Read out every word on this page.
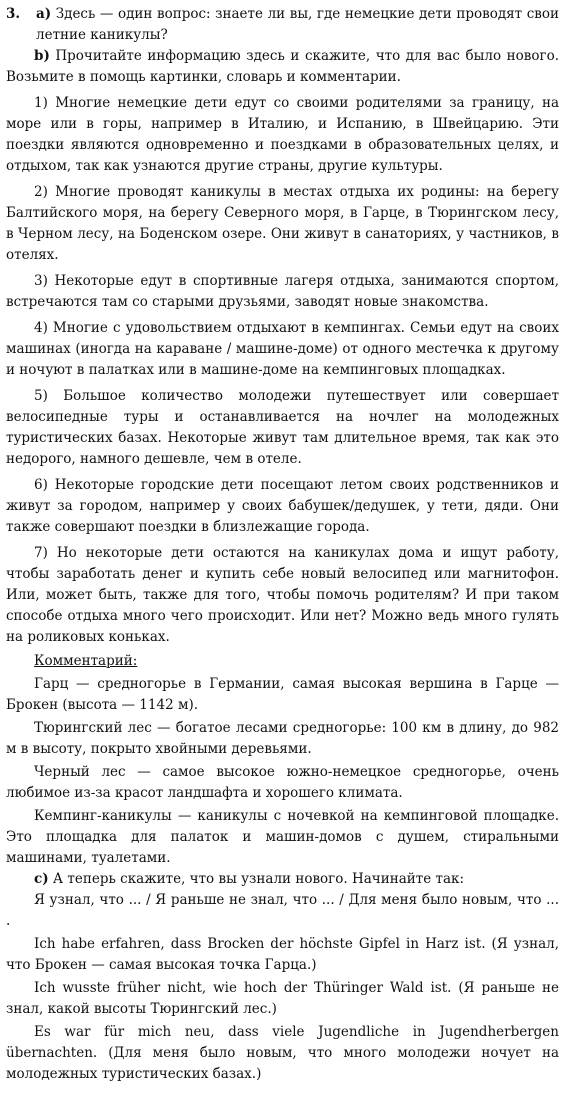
3.	a) Здесь — один вопрос: знаете ли вы, где немецкие дети проводят свои летние каникулы?

b) Прочитайте информацию здесь и скажите, что для вас было нового. Возьмите в помощь картинки, словарь и комментарии.

1) Многие немецкие дети едут со своими родителями за границу, на море или в горы, например в Италию, и Испанию, в Швейцарию. Эти поездки являются одновременно и поездками в образовательных целях, и отдыхом, так как узнаются другие страны, другие культуры.

2) Многие проводят каникулы в местах отдыха их родины: на берегу Балтийского моря, на берегу Северного моря, в Гарце, в Тюрингском лесу, в Черном лесу, на Боденском озере. Они живут в санаториях, у частников, в отелях.

3) Некоторые едут в спортивные лагеря отдыха, занимаются спортом, встречаются там со старыми друзьями, заводят новые знакомства.

4) Многие с удовольствием отдыхают в кемпингах. Семьи едут на своих машинах (иногда на караване / машине-доме) от одного местечка к другому и ночуют в палатках или в машине-доме на кемпинговых площадках.

5) Большое количество молодежи путешествует или совершает велосипедные туры и останавливается на ночлег на молодежных туристических базах. Некоторые живут там длительное время, так как это недорого, намного дешевле, чем в отеле.

6) Некоторые городские дети посещают летом своих родственников и живут за городом, например у своих бабушек/дедушек, у тети, дяди. Они также совершают поездки в близлежащие города.

7) Но некоторые дети остаются на каникулах дома и ищут работу, чтобы заработать денег и купить себе новый велосипед или магнитофон. Или, может быть, также для того, чтобы помочь родителям? И при таком способе отдыха много чего происходит. Или нет? Можно ведь много гулять на роликовых коньках.

Комментарий:

Гарц — средногорье в Германии, самая высокая вершина в Гарце — Брокен (высота — 1142 м).

Тюрингский лес — богатое лесами средногорье: 100 км в длину, до 982 м в высоту, покрыто хвойными деревьями.

Черный лес — самое высокое южно-немецкое средногорье, очень любимое из-за красот ландшафта и хорошего климата.

Кемпинг-каникулы — каникулы с ночевкой на кемпинговой площадке. Это площадка для палаток и машин-домов с душем, стиральными машинами, туалетами.

c) А теперь скажите, что вы узнали нового. Начинайте так:

Я узнал, что ... / Я раньше не знал, что ... / Для меня было новым, что ... .

Ich habe erfahren, dass Brocken der höchste Gipfel in Harz ist. (Я узнал, что Брокен — самая высокая точка Гарца.)

Ich wusste früher nicht, wie hoch der Thüringer Wald ist. (Я раньше не знал, какой высоты Тюрингский лес.)

Es war für mich neu, dass viele Jugendliche in Jugendherbergen übernachten. (Для меня было новым, что много молодежи ночует на молодежных туристических базах.)
